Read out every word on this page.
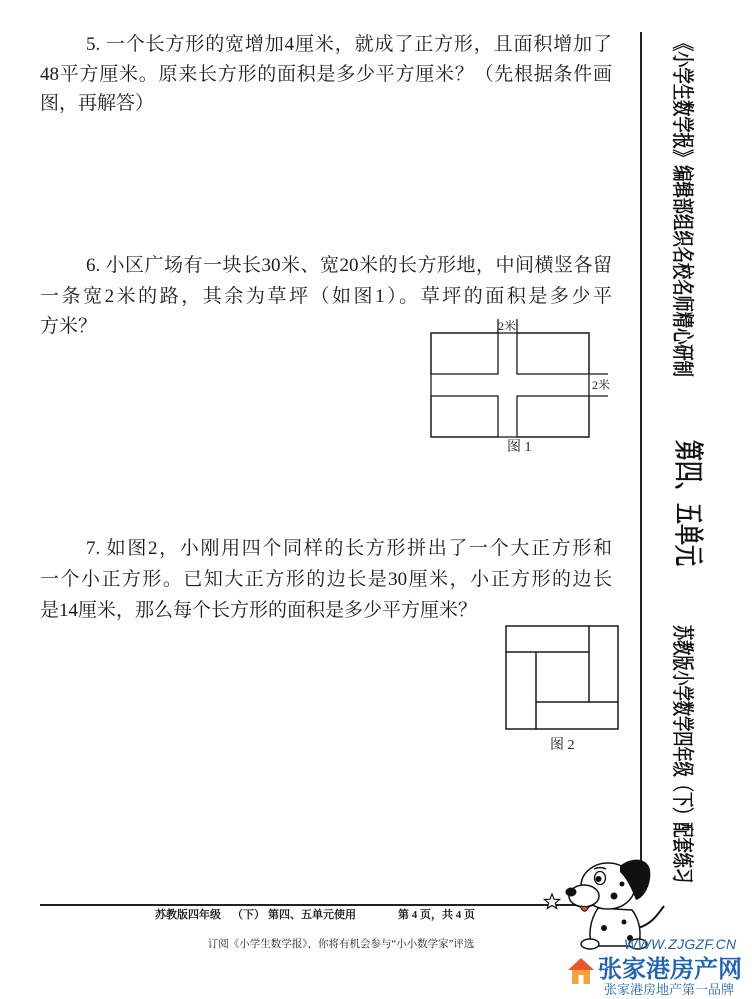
5. 一个长方形的宽增加4厘米，就成了正方形，且面积增加了
48平方厘米。原来长方形的面积是多少平方厘米？（先根据条件画
图，再解答）
6. 小区广场有一块长30米、宽20米的长方形地，中间横竖各留
一条宽2米的路，其余为草坪（如图1）。草坪的面积是多少平
方米？	2米
2米
图 1
7. 如图2，小刚用四个同样的长方形拼出了一个大正方形和
一个小正方形。已知大正方形的边长是30厘米，小正方形的边长
是14厘米，那么每个长方形的面积是多少平方厘米？
图 2
《小学生数学报》编辑部组织名校名师精心研制
第四、五单元
苏教版小学数学四年级（下）配套练习
苏教版四年级 （下） 第四、五单元使用	第 4 页，共 4 页
订阅《小学生数学报》，你将有机会参与“小小数学家”评选	WWW.ZJGZF.CN
张家港房产网
张家港房地产第一品牌
